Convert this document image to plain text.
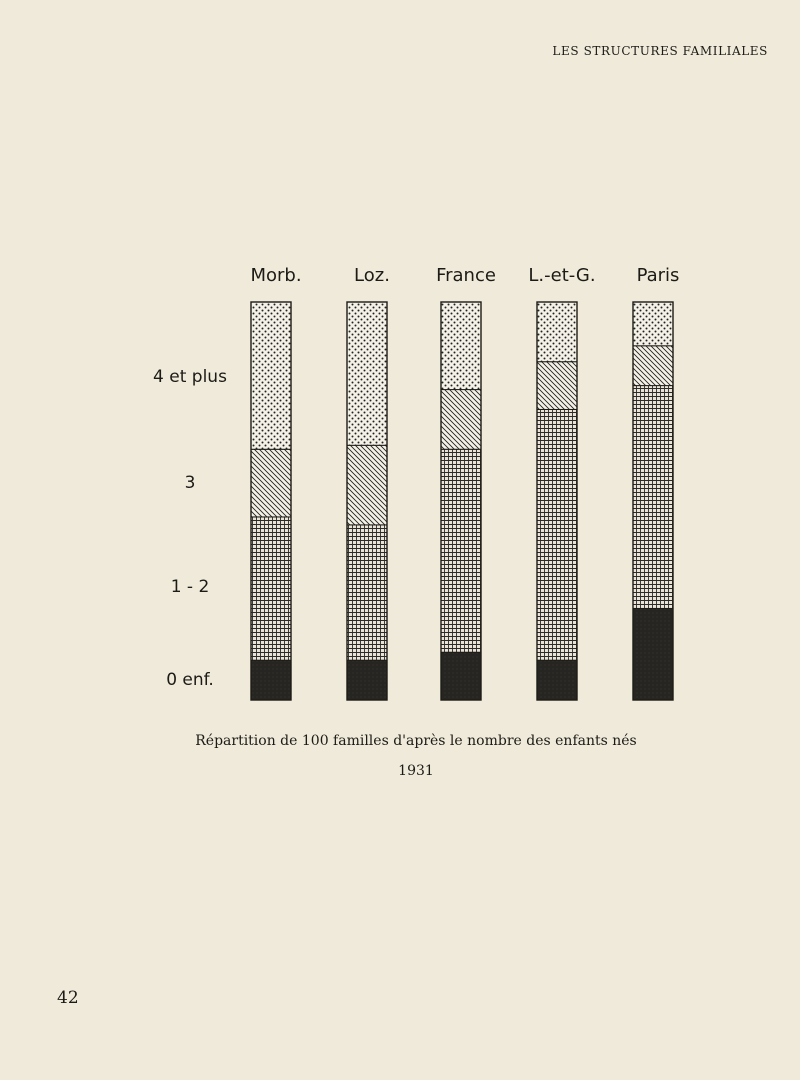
LES STRUCTURES FAMILIALES
Morb.	Loz.	France L.-et-G. Paris
0 enf.
1 - 2
3
4 et plus
Répartition de 100 familles d'après le nombre des enfants nés
1931
42
